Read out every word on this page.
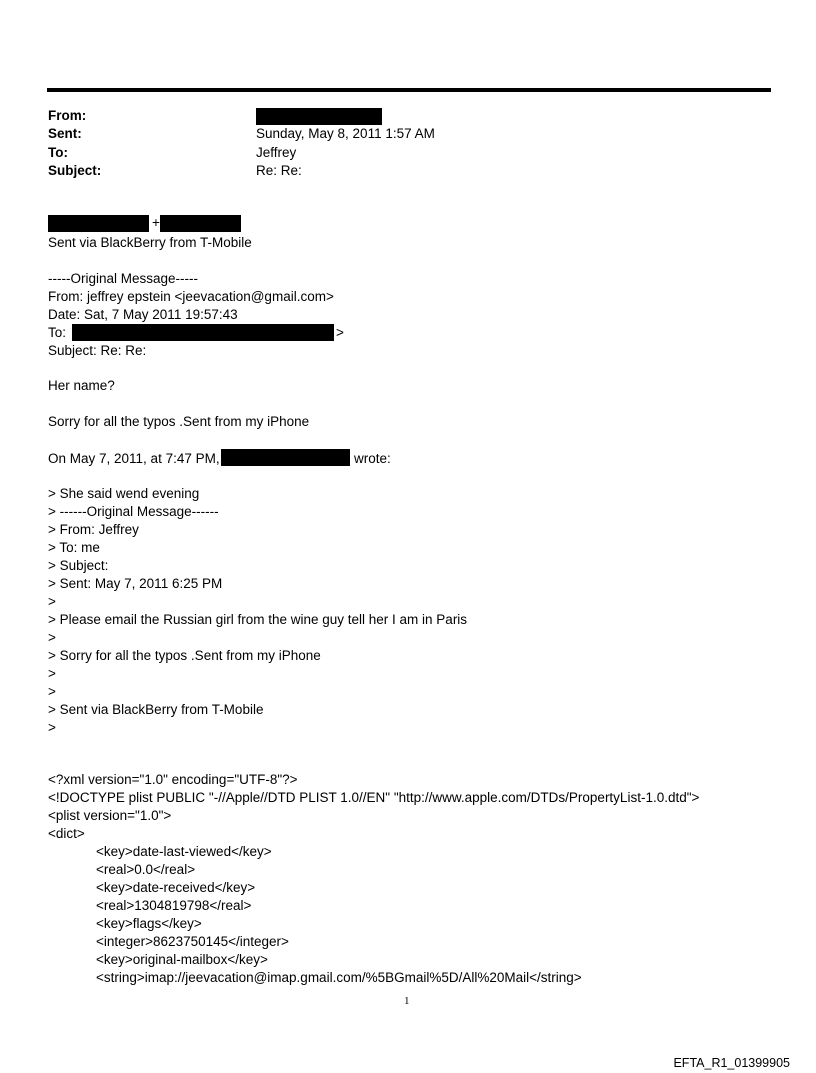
From:
Sent:	Sunday, May 8, 2011 1:57 AM
To:	Jeffrey
Subject:	Re: Re:
+
Sent via BlackBerry from T-Mobile
-----Original Message-----
From: jeffrey epstein <jeevacation@gmail.com>
Date: Sat, 7 May 2011 19:57:43
To:	>
Subject: Re: Re:
Her name?
Sorry for all the typos .Sent from my iPhone
On May 7, 2011, at 7:47 PM,	wrote:
> She said wend evening
> ------Original Message------
> From: Jeffrey
> To: me
> Subject:
> Sent: May 7, 2011 6:25 PM
>
> Please email the Russian girl from the wine guy tell her I am in Paris
>
> Sorry for all the typos .Sent from my iPhone
>
>
> Sent via BlackBerry from T-Mobile
>
<?xml version="1.0" encoding="UTF-8"?>
<!DOCTYPE plist PUBLIC "-//Apple//DTD PLIST 1.0//EN" "http://www.apple.com/DTDs/PropertyList-1.0.dtd">
<plist version="1.0">
<dict>
<key>date-last-viewed</key>
<real>0.0</real>
<key>date-received</key>
<real>1304819798</real>
<key>flags</key>
<integer>8623750145</integer>
<key>original-mailbox</key>
<string>imap://jeevacation@imap.gmail.com/%5BGmail%5D/All%20Mail</string>
1
EFTA_R1_01399905
